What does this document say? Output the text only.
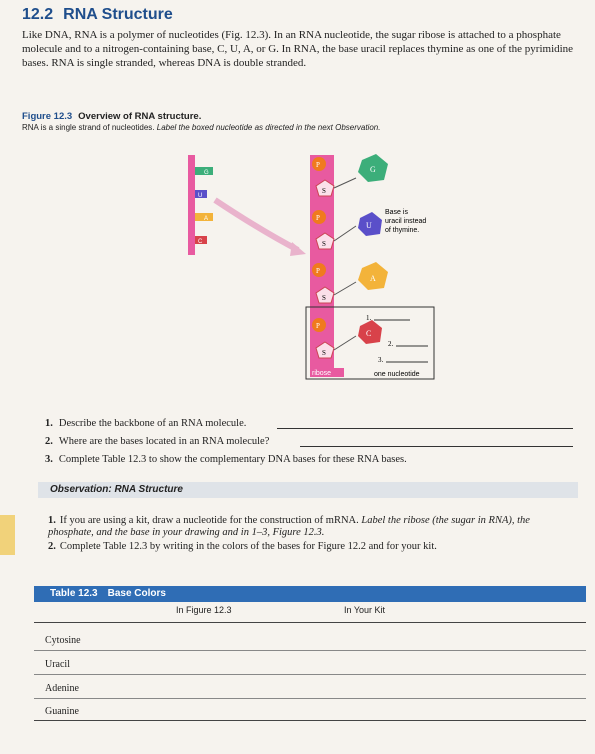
12.2 RNA Structure
Like DNA, RNA is a polymer of nucleotides (Fig. 12.3). In an RNA nucleotide, the sugar ribose is attached to a phosphate molecule and to a nitrogen-containing base, C, U, A, or G. In RNA, the base uracil replaces thymine as one of the pyrimidine bases. RNA is single stranded, whereas DNA is double stranded.
Figure 12.3 Overview of RNA structure.
RNA is a single strand of nucleotides. Label the boxed nucleotide as directed in the next Observation.
G
U
A
C
P
P
P
P
S
S
S
S
G
U
A
C
Base is uracil instead of thymine.
1.
2.
3.
ribose	one nucleotide
1. Describe the backbone of an RNA molecule.
2. Where are the bases located in an RNA molecule?
3. Complete Table 12.3 to show the complementary DNA bases for these RNA bases.
Observation: RNA Structure
1. If you are using a kit, draw a nucleotide for the construction of mRNA. Label the ribose (the sugar in RNA), the phosphate, and the base in your drawing and in 1–3, Figure 12.3.
2. Complete Table 12.3 by writing in the colors of the bases for Figure 12.2 and for your kit.
Table 12.3 Base Colors
In Figure 12.3	In Your Kit
Cytosine
Uracil
Adenine
Guanine
